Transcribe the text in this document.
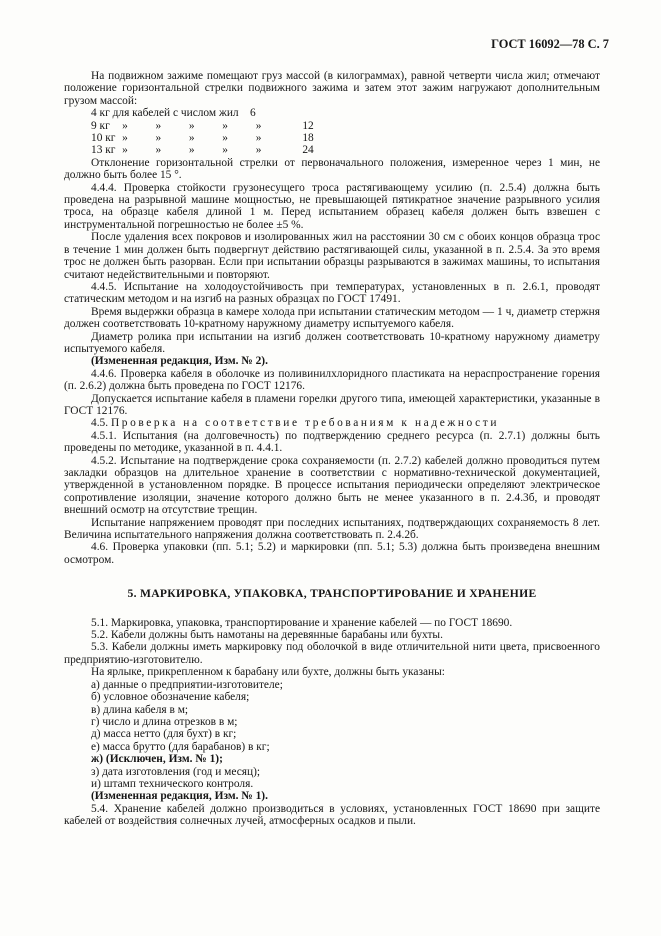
ГОСТ 16092—78 С. 7

На подвижном зажиме помещают груз массой (в килограммах), равной четверти числа жил; отмечают положение горизонтальной стрелки подвижного зажима и затем этот зажим нагружают дополнительным грузом массой:

4 кг для кабелей с числом жил 6						
9 кг	»	»	»	»	»	12
10 кг	»	»	»	»	»	18
13 кг	»	»	»	»	»	24

Отклонение горизонтальной стрелки от первоначального положения, измеренное через 1 мин, не должно быть более 15 °.

4.4.4. Проверка стойкости грузонесущего троса растягивающему усилию (п. 2.5.4) должна быть проведена на разрывной машине мощностью, не превышающей пятикратное значение разрывного усилия троса, на образце кабеля длиной 1 м. Перед испытанием образец кабеля должен быть взвешен с инструментальной погрешностью не более ±5 %.

После удаления всех покровов и изолированных жил на расстоянии 30 см с обоих концов образца трос в течение 1 мин должен быть подвергнут действию растягивающей силы, указанной в п. 2.5.4. За это время трос не должен быть разорван. Если при испытании образцы разрываются в зажимах машины, то испытания считают недействительными и повторяют.

4.4.5. Испытание на холодоустойчивость при температурах, установленных в п. 2.6.1, проводят статическим методом и на изгиб на разных образцах по ГОСТ 17491.

Время выдержки образца в камере холода при испытании статическим методом — 1 ч, диаметр стержня должен соответствовать 10-кратному наружному диаметру испытуемого кабеля.

Диаметр ролика при испытании на изгиб должен соответствовать 10-кратному наружному диаметру испытуемого кабеля.

(Измененная редакция, Изм. № 2).

4.4.6. Проверка кабеля в оболочке из поливинилхлоридного пластиката на нераспространение горения (п. 2.6.2) должна быть проведена по ГОСТ 12176.

Допускается испытание кабеля в пламени горелки другого типа, имеющей характеристики, указанные в ГОСТ 12176.

4.5. Проверка на соответствие требованиям к надежности

4.5.1. Испытания (на долговечность) по подтверждению среднего ресурса (п. 2.7.1) должны быть проведены по методике, указанной в п. 4.4.1.

4.5.2. Испытание на подтверждение срока сохраняемости (п. 2.7.2) кабелей должно проводиться путем закладки образцов на длительное хранение в соответствии с нормативно-технической документацией, утвержденной в установленном порядке. В процессе испытания периодически определяют электрическое сопротивление изоляции, значение которого должно быть не менее указанного в п. 2.4.3б, и проводят внешний осмотр на отсутствие трещин.

Испытание напряжением проводят при последних испытаниях, подтверждающих сохраняемость 8 лет. Величина испытательного напряжения должна соответствовать п. 2.4.2б.

4.6. Проверка упаковки (пп. 5.1; 5.2) и маркировки (пп. 5.1; 5.3) должна быть произведена внешним осмотром.

5. МАРКИРОВКА, УПАКОВКА, ТРАНСПОРТИРОВАНИЕ И ХРАНЕНИЕ

5.1. Маркировка, упаковка, транспортирование и хранение кабелей — по ГОСТ 18690.

5.2. Кабели должны быть намотаны на деревянные барабаны или бухты.

5.3. Кабели должны иметь маркировку под оболочкой в виде отличительной нити цвета, присвоенного предприятию-изготовителю.

На ярлыке, прикрепленном к барабану или бухте, должны быть указаны:

а) данные о предприятии-изготовителе;

б) условное обозначение кабеля;

в) длина кабеля в м;

г) число и длина отрезков в м;

д) масса нетто (для бухт) в кг;

е) масса брутто (для барабанов) в кг;

ж) (Исключен, Изм. № 1);

з) дата изготовления (год и месяц);

и) штамп технического контроля.

(Измененная редакция, Изм. № 1).

5.4. Хранение кабелей должно производиться в условиях, установленных ГОСТ 18690 при защите кабелей от воздействия солнечных лучей, атмосферных осадков и пыли.
